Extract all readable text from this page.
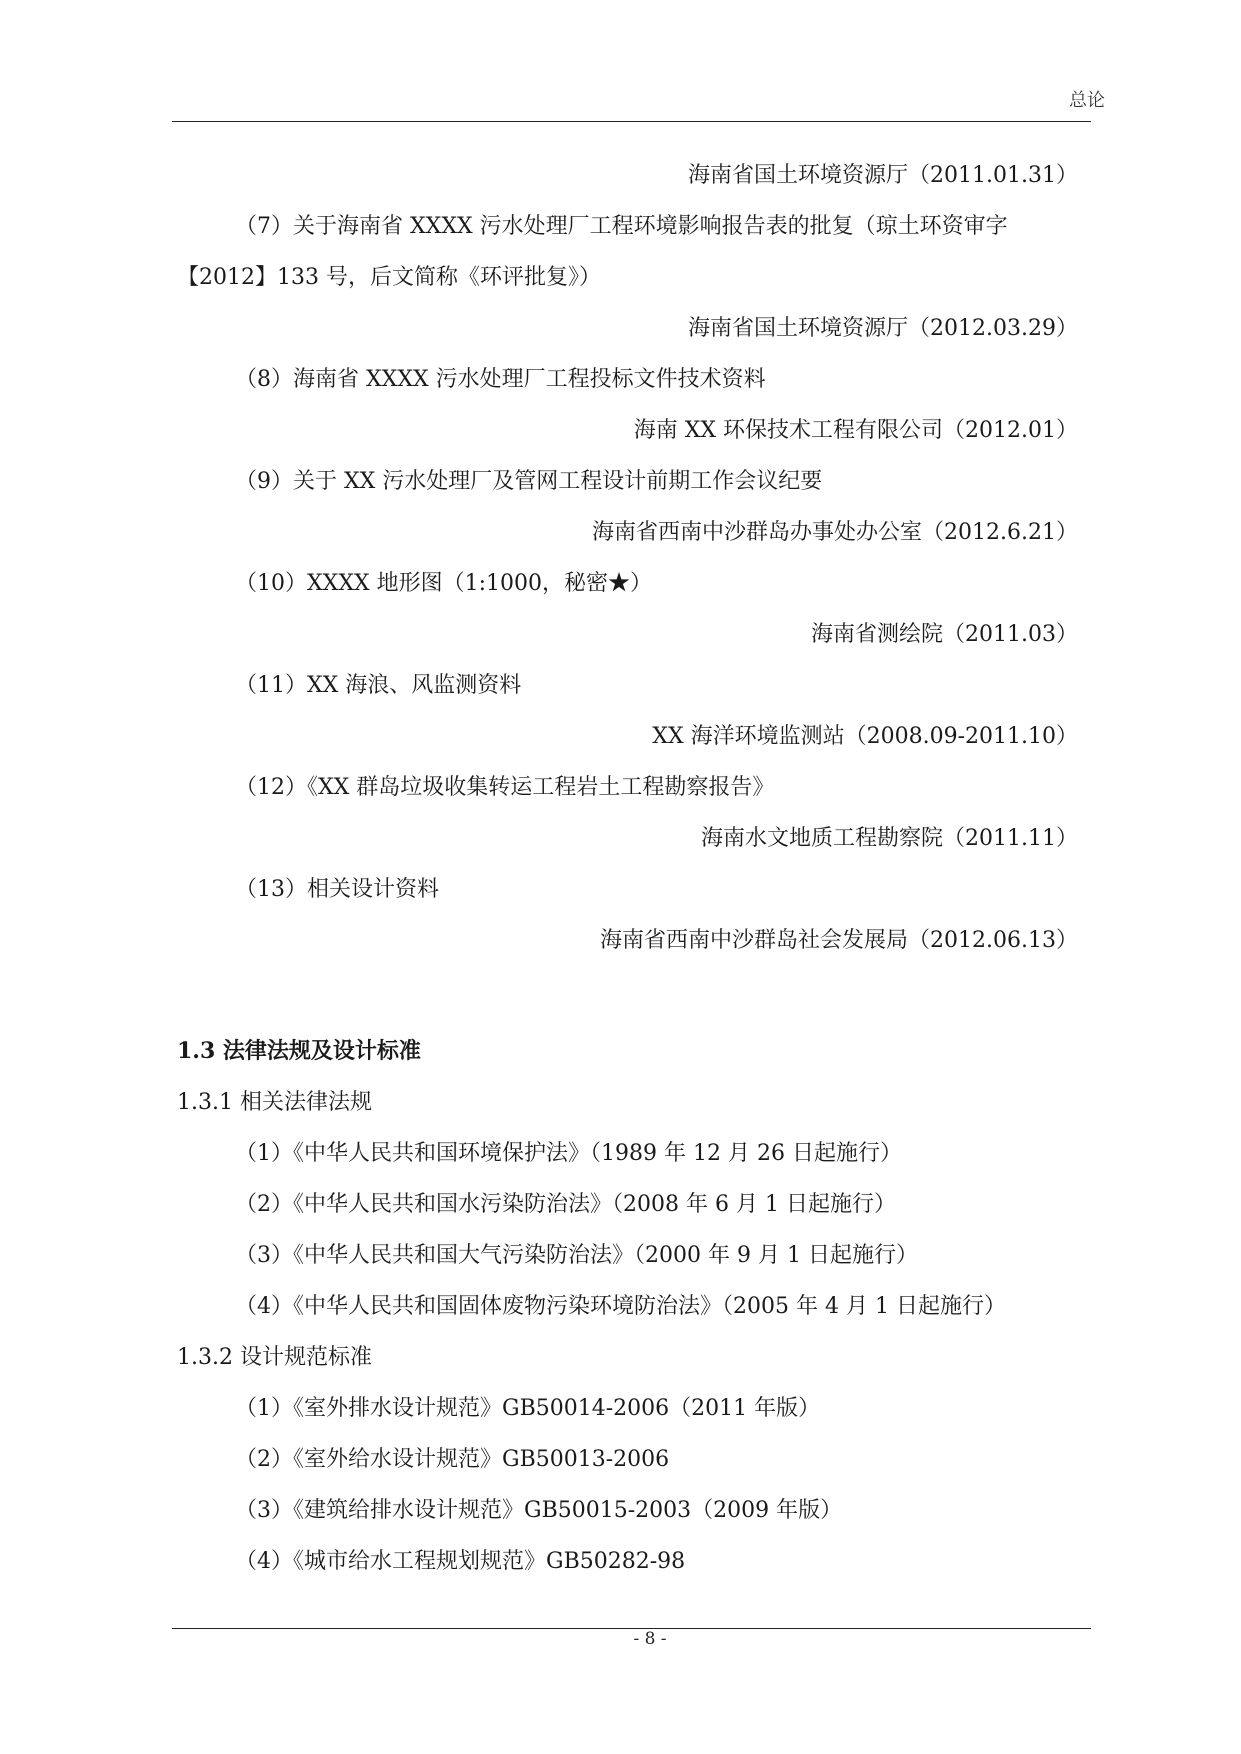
总论

海南省国土环境资源厅（2011.01.31）

（7）关于海南省 XXXX 污水处理厂工程环境影响报告表的批复（琼土环资审字

【2012】133 号，后文简称《环评批复》）

海南省国土环境资源厅（2012.03.29）

（8）海南省 XXXX 污水处理厂工程投标文件技术资料

海南 XX 环保技术工程有限公司（2012.01）

（9）关于 XX 污水处理厂及管网工程设计前期工作会议纪要

海南省西南中沙群岛办事处办公室（2012.6.21）

（10）XXXX 地形图（1:1000，秘密★）

海南省测绘院（2011.03）

（11）XX 海浪、风监测资料

XX 海洋环境监测站（2008.09-2011.10）

（12）《XX 群岛垃圾收集转运工程岩土工程勘察报告》

海南水文地质工程勘察院（2011.11）

（13）相关设计资料

海南省西南中沙群岛社会发展局（2012.06.13）

1.3 法律法规及设计标准

1.3.1 相关法律法规

（1）《中华人民共和国环境保护法》（1989 年 12 月 26 日起施行）

（2）《中华人民共和国水污染防治法》（2008 年 6 月 1 日起施行）

（3）《中华人民共和国大气污染防治法》（2000 年 9 月 1 日起施行）

（4）《中华人民共和国固体废物污染环境防治法》（2005 年 4 月 1 日起施行）

1.3.2 设计规范标准

（1）《室外排水设计规范》GB50014-2006（2011 年版）

（2）《室外给水设计规范》GB50013-2006

（3）《建筑给排水设计规范》GB50015-2003（2009 年版）

（4）《城市给水工程规划规范》GB50282-98

- 8 -
